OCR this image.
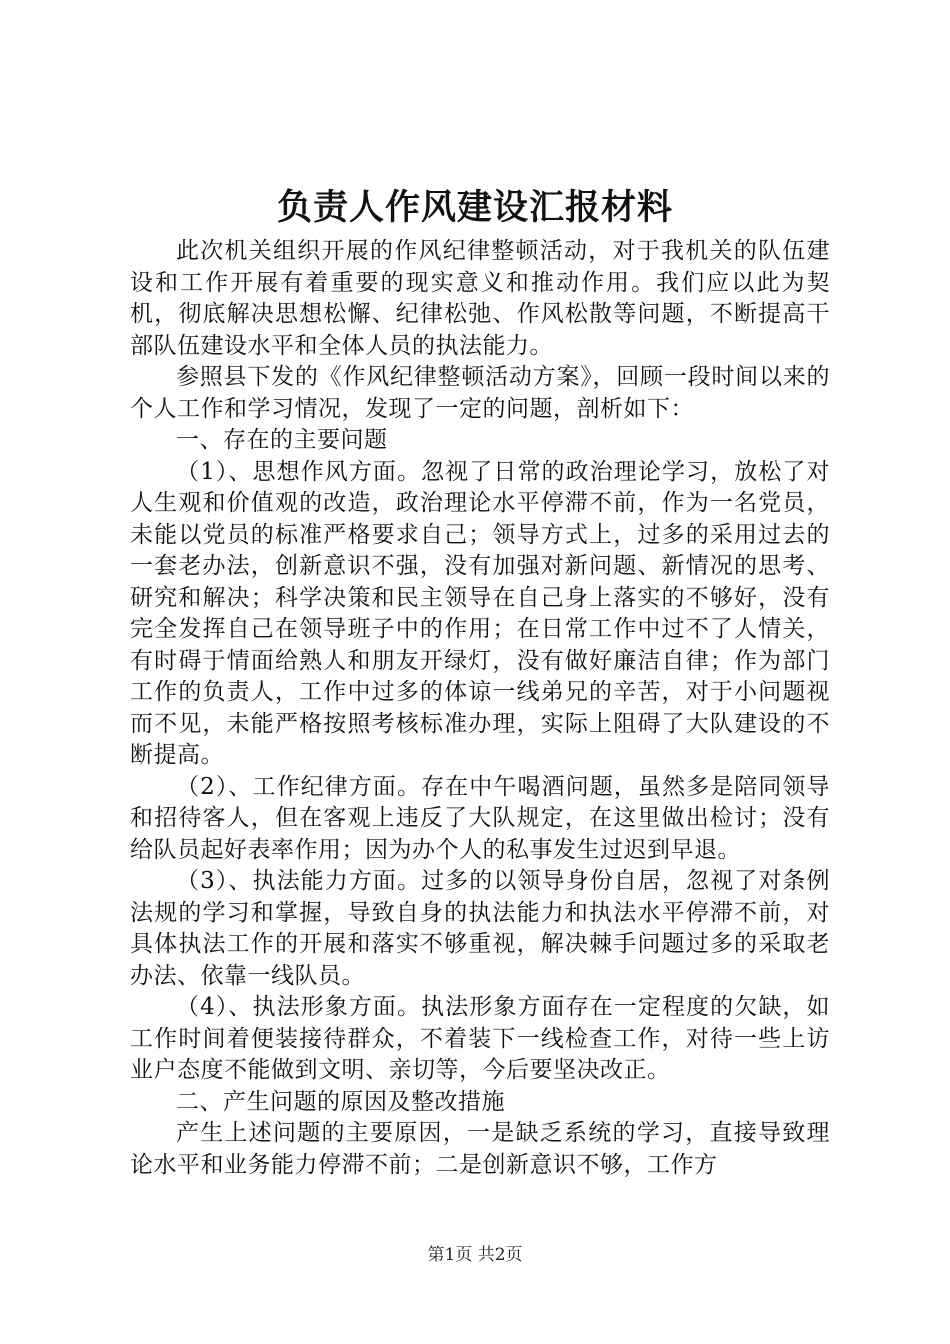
负责人作风建设汇报材料

此次机关组织开展的作风纪律整顿活动，对于我机关的队伍建设和工作开展有着重要的现实意义和推动作用。我们应以此为契机，彻底解决思想松懈、纪律松弛、作风松散等问题，不断提高干部队伍建设水平和全体人员的执法能力。

参照县下发的《作风纪律整顿活动方案》，回顾一段时间以来的个人工作和学习情况，发现了一定的问题，剖析如下：

一、存在的主要问题

（1）、思想作风方面。忽视了日常的政治理论学习，放松了对人生观和价值观的改造，政治理论水平停滞不前，作为一名党员，未能以党员的标准严格要求自己；领导方式上，过多的采用过去的一套老办法，创新意识不强，没有加强对新问题、新情况的思考、研究和解决；科学决策和民主领导在自己身上落实的不够好，没有完全发挥自己在领导班子中的作用；在日常工作中过不了人情关，有时碍于情面给熟人和朋友开绿灯，没有做好廉洁自律；作为部门工作的负责人，工作中过多的体谅一线弟兄的辛苦，对于小问题视而不见，未能严格按照考核标准办理，实际上阻碍了大队建设的不断提高。

（2）、工作纪律方面。存在中午喝酒问题，虽然多是陪同领导和招待客人，但在客观上违反了大队规定，在这里做出检讨；没有给队员起好表率作用；因为办个人的私事发生过迟到早退。

（3）、执法能力方面。过多的以领导身份自居，忽视了对条例法规的学习和掌握，导致自身的执法能力和执法水平停滞不前，对具体执法工作的开展和落实不够重视，解决棘手问题过多的采取老办法、依靠一线队员。

（4）、执法形象方面。执法形象方面存在一定程度的欠缺，如工作时间着便装接待群众，不着装下一线检查工作，对待一些上访业户态度不能做到文明、亲切等，今后要坚决改正。

二、产生问题的原因及整改措施

产生上述问题的主要原因，一是缺乏系统的学习，直接导致理论水平和业务能力停滞不前；二是创新意识不够，工作方

第1页 共2页
